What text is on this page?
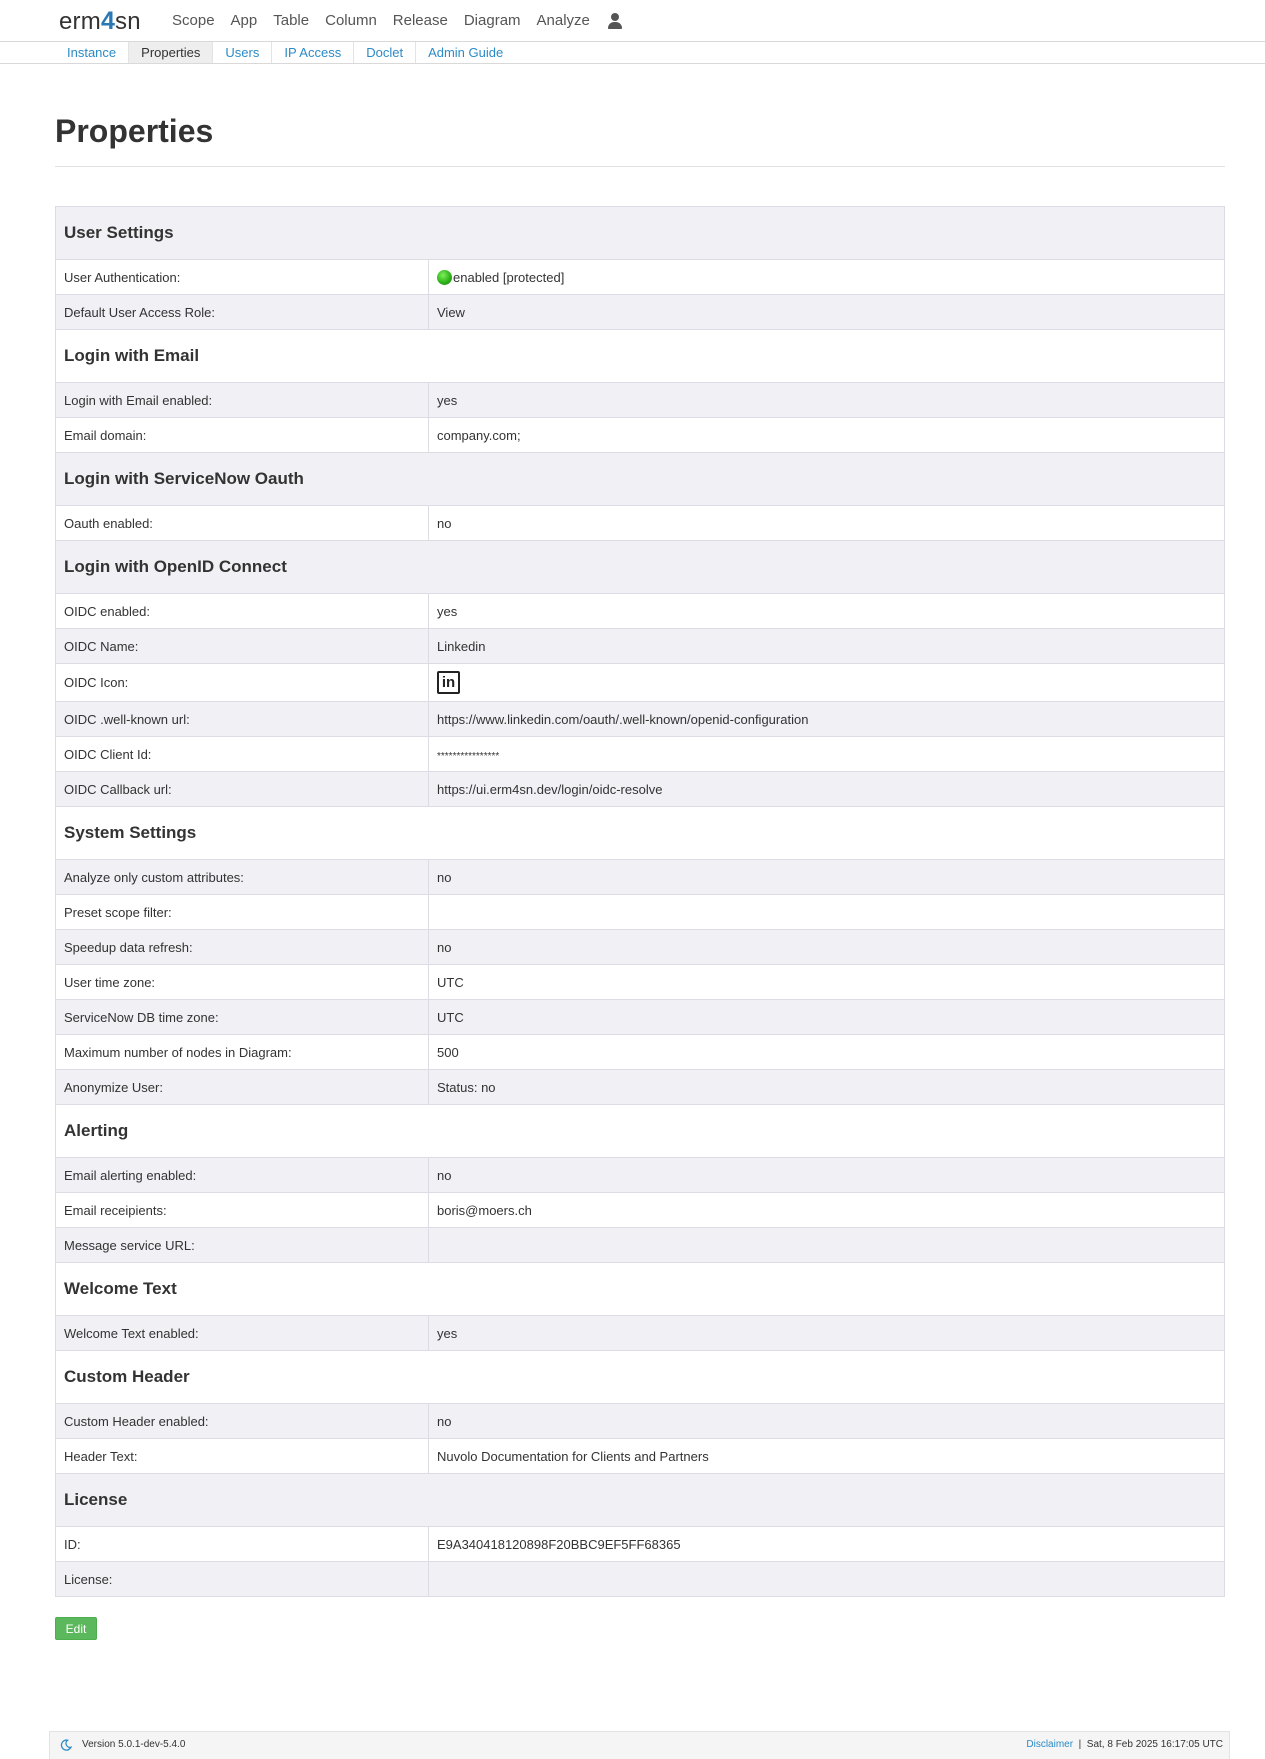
erm4sn	Scope	App	Table	Column	Release	Diagram	Analyze
Instance	Properties	Users	IP Access	Doclet	Admin Guide
Properties
User Settings	
User Authentication:	enabled [protected]
Default User Access Role:	View
Login with Email	
Login with Email enabled:	yes
Email domain:	company.com;
Login with ServiceNow Oauth	
Oauth enabled:	no
Login with OpenID Connect	
OIDC enabled:	yes
OIDC Name:	Linkedin
OIDC Icon:	in
OIDC .well-known url:	https://www.linkedin.com/oauth/.well-known/openid-configuration
OIDC Client Id:	****************
OIDC Callback url:	https://ui.erm4sn.dev/login/oidc-resolve
System Settings	
Analyze only custom attributes:	no
Preset scope filter:	
Speedup data refresh:	no
User time zone:	UTC
ServiceNow DB time zone:	UTC
Maximum number of nodes in Diagram:	500
Anonymize User:	Status: no
Alerting	
Email alerting enabled:	no
Email receipients:	boris@moers.ch
Message service URL:	
Welcome Text	
Welcome Text enabled:	yes
Custom Header	
Custom Header enabled:	no
Header Text:	Nuvolo Documentation for Clients and Partners
License	
ID:	E9A340418120898F20BBC9EF5FF68365
License:	
Edit
Version 5.0.1-dev-5.4.0	Disclaimer | Sat, 8 Feb 2025 16:17:05 UTC
